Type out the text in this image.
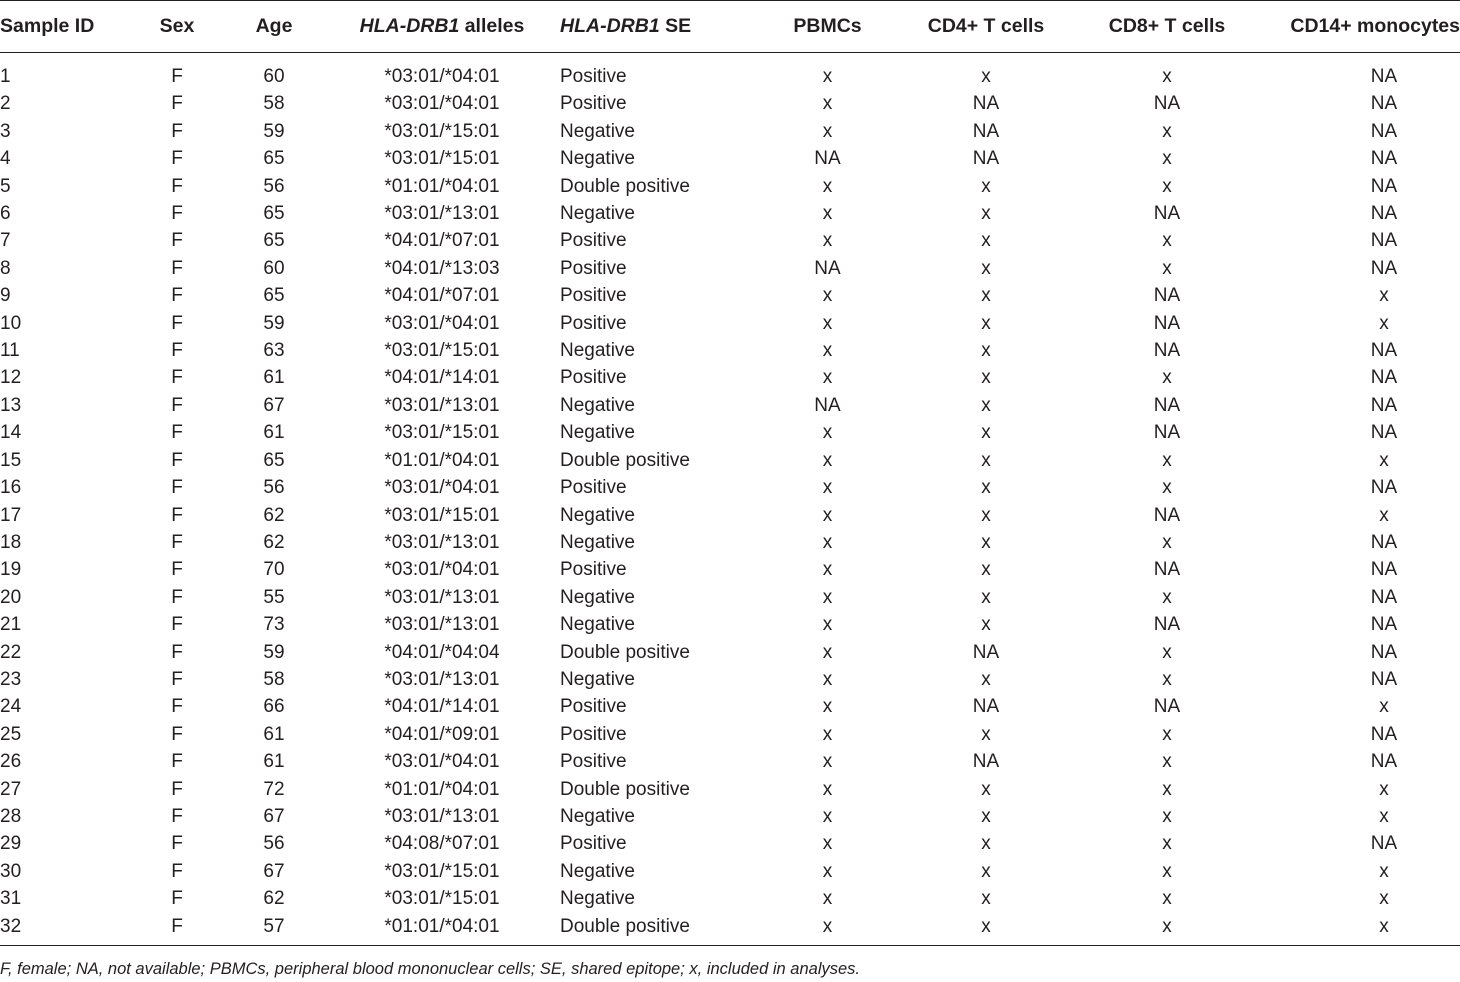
Sample ID	Sex	Age	HLA-DRB1 alleles	HLA-DRB1 SE	PBMCs	CD4+ T cells	CD8+ T cells	CD14+ monocytes
1	F	60	*03:01/*04:01	Positive	x	x	x	NA
2	F	58	*03:01/*04:01	Positive	x	NA	NA	NA
3	F	59	*03:01/*15:01	Negative	x	NA	x	NA
4	F	65	*03:01/*15:01	Negative	NA	NA	x	NA
5	F	56	*01:01/*04:01	Double positive	x	x	x	NA
6	F	65	*03:01/*13:01	Negative	x	x	NA	NA
7	F	65	*04:01/*07:01	Positive	x	x	x	NA
8	F	60	*04:01/*13:03	Positive	NA	x	x	NA
9	F	65	*04:01/*07:01	Positive	x	x	NA	x
10	F	59	*03:01/*04:01	Positive	x	x	NA	x
11	F	63	*03:01/*15:01	Negative	x	x	NA	NA
12	F	61	*04:01/*14:01	Positive	x	x	x	NA
13	F	67	*03:01/*13:01	Negative	NA	x	NA	NA
14	F	61	*03:01/*15:01	Negative	x	x	NA	NA
15	F	65	*01:01/*04:01	Double positive	x	x	x	x
16	F	56	*03:01/*04:01	Positive	x	x	x	NA
17	F	62	*03:01/*15:01	Negative	x	x	NA	x
18	F	62	*03:01/*13:01	Negative	x	x	x	NA
19	F	70	*03:01/*04:01	Positive	x	x	NA	NA
20	F	55	*03:01/*13:01	Negative	x	x	x	NA
21	F	73	*03:01/*13:01	Negative	x	x	NA	NA
22	F	59	*04:01/*04:04	Double positive	x	NA	x	NA
23	F	58	*03:01/*13:01	Negative	x	x	x	NA
24	F	66	*04:01/*14:01	Positive	x	NA	NA	x
25	F	61	*04:01/*09:01	Positive	x	x	x	NA
26	F	61	*03:01/*04:01	Positive	x	NA	x	NA
27	F	72	*01:01/*04:01	Double positive	x	x	x	x
28	F	67	*03:01/*13:01	Negative	x	x	x	x
29	F	56	*04:08/*07:01	Positive	x	x	x	NA
30	F	67	*03:01/*15:01	Negative	x	x	x	x
31	F	62	*03:01/*15:01	Negative	x	x	x	x
32	F	57	*01:01/*04:01	Double positive	x	x	x	x
F, female; NA, not available; PBMCs, peripheral blood mononuclear cells; SE, shared epitope; x, included in analyses.
